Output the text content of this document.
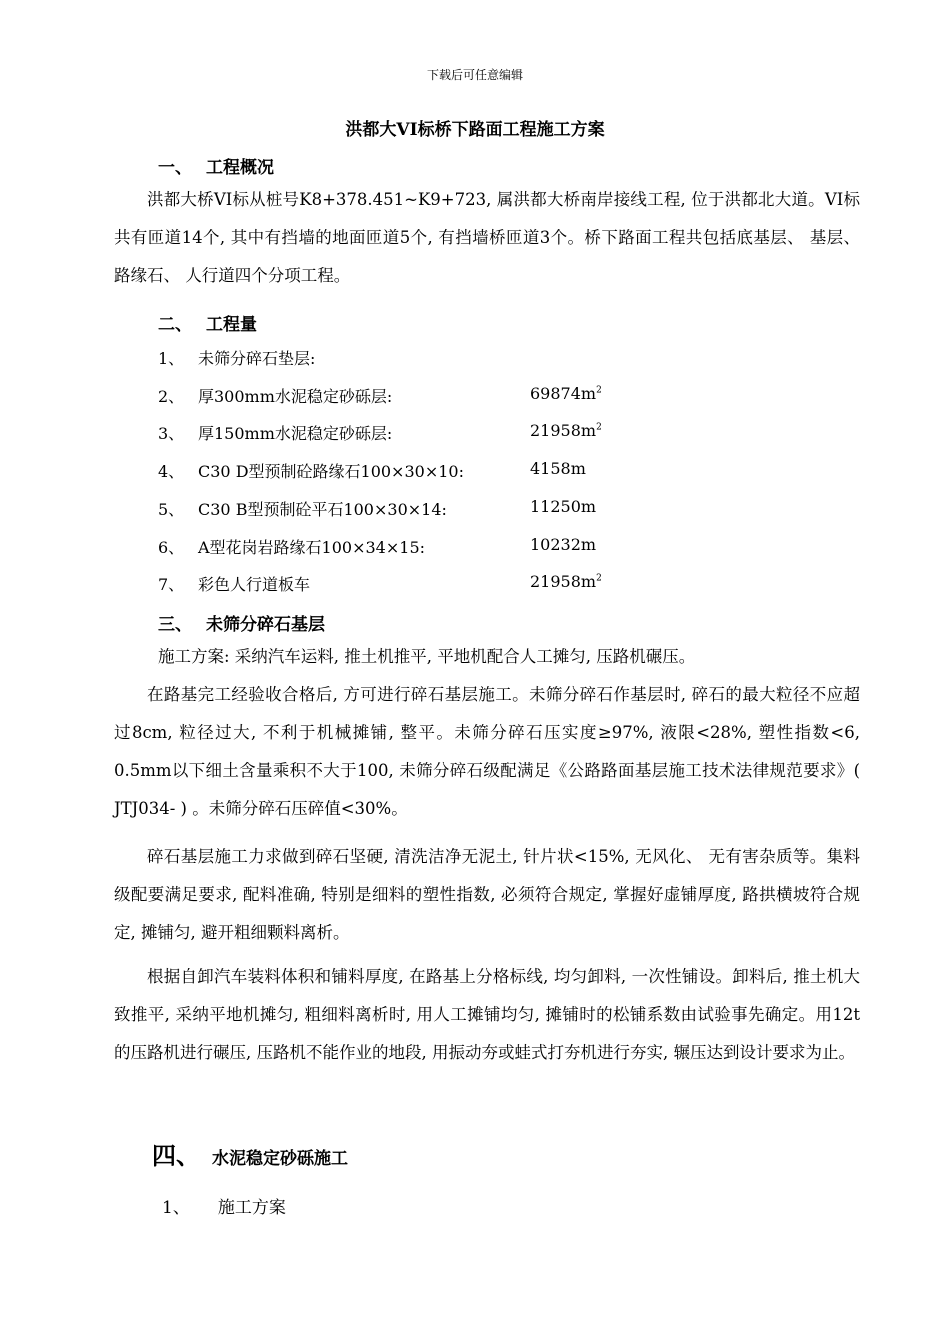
下载后可任意编辑
洪都大VI标桥下路面工程施工方案
一、 工程概况
洪都大桥VI标从桩号K8+378.451~K9+723, 属洪都大桥南岸接线工程, 位于洪都北大道。VI标共有匝道14个, 其中有挡墙的地面匝道5个, 有挡墙桥匝道3个。桥下路面工程共包括底基层、 基层、 路缘石、 人行道四个分项工程。
二、 工程量
1、 未筛分碎石垫层:
2、 厚300mm水泥稳定砂砾层:	$69874m^2$
3、 厚150mm水泥稳定砂砾层:	$21958m^2$
4、 C30 D型预制砼路缘石100×30×10:	4158m
5、 C30 B型预制砼平石100×30×14:	11250m
6、 A型花岗岩路缘石100×34×15:	10232m
7、 彩色人行道板车	$21958m^2$
三、 未筛分碎石基层
施工方案: 采纳汽车运料, 推土机推平, 平地机配合人工摊匀, 压路机碾压。
在路基完工经验收合格后, 方可进行碎石基层施工。未筛分碎石作基层时, 碎石的最大粒径不应超过8cm, 粒径过大, 不利于机械摊铺, 整平。未筛分碎石压实度≥97%, 液限<28%, 塑性指数<6, 0.5mm以下细土含量乘积不大于100, 未筛分碎石级配满足《公路路面基层施工技术法律规范要求》( JTJ034- ) 。未筛分碎石压碎值<30%。
碎石基层施工力求做到碎石坚硬, 清洗洁净无泥土, 针片状<15%, 无风化、 无有害杂质等。集料级配要满足要求, 配料准确, 特别是细料的塑性指数, 必须符合规定, 掌握好虚铺厚度, 路拱横坡符合规定, 摊铺匀, 避开粗细颗料离析。
根据自卸汽车装料体积和铺料厚度, 在路基上分格标线, 均匀卸料, 一次性铺设。卸料后, 推土机大致推平, 采纳平地机摊匀, 粗细料离析时, 用人工摊铺均匀, 摊铺时的松铺系数由试验事先确定。用12t的压路机进行碾压, 压路机不能作业的地段, 用振动夯或蛙式打夯机进行夯实, 辗压达到设计要求为止。
四、 水泥稳定砂砾施工
1、 施工方案
